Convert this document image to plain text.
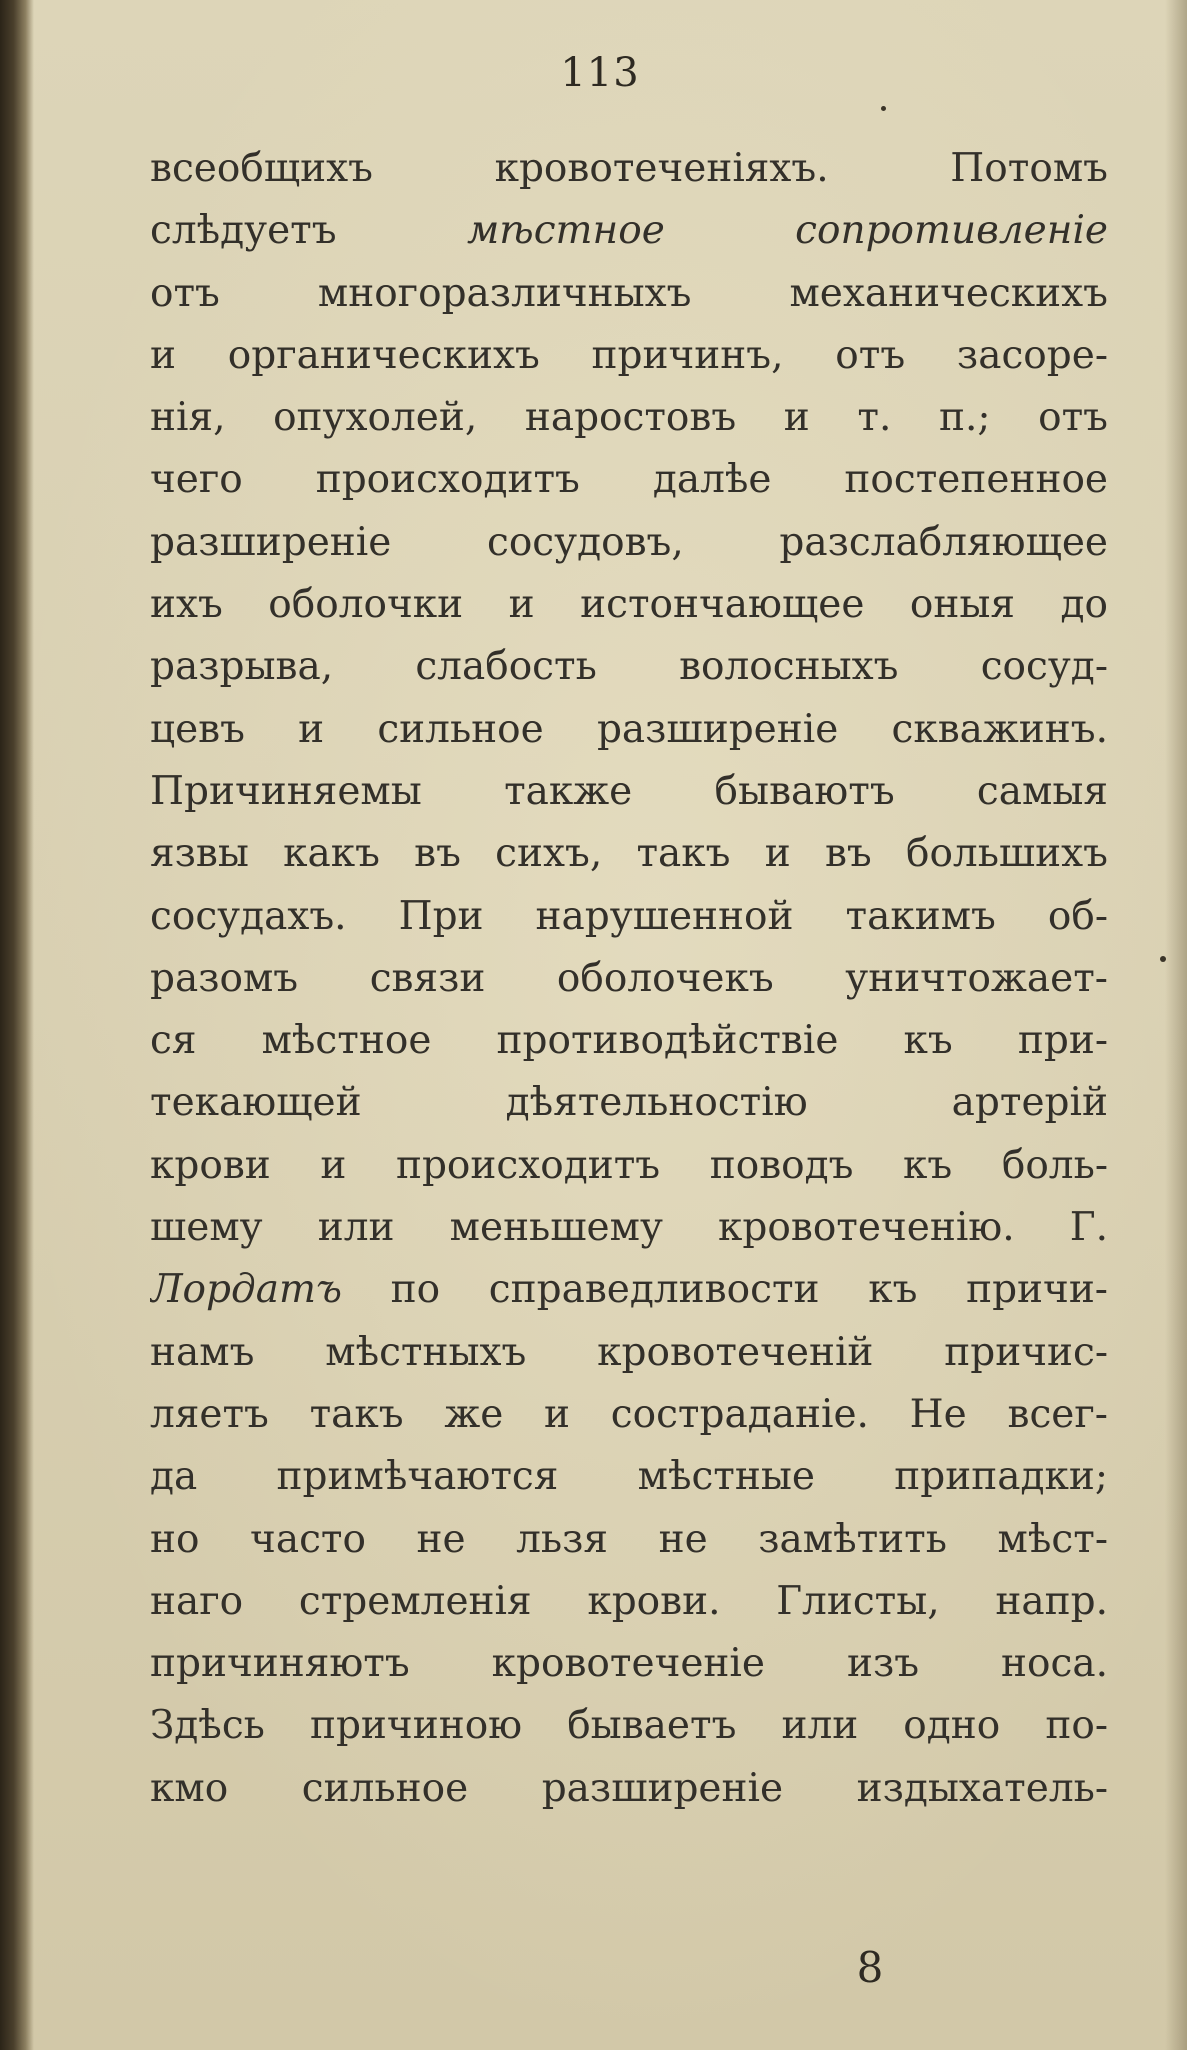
113
всеобщихъ кровотеченіяхъ. Потомъ
слѣдуетъ мѣстное сопротивленіе
отъ многоразличныхъ механическихъ
и органическихъ причинъ, отъ засоре-
нія, опухолей, наростовъ и т. п.; отъ
чего происходитъ далѣе постепенное
разширеніе сосудовъ, разслабляющее
ихъ оболочки и истончающее оныя до
разрыва, слабость волосныхъ сосуд-
цевъ и сильное разширеніе скважинъ.
Причиняемы также бываютъ самыя
язвы какъ въ сихъ, такъ и въ большихъ
сосудахъ. При нарушенной такимъ об-
разомъ связи оболочекъ уничтожает-
ся мѣстное противодѣйствіе къ при-
текающей дѣятельностію артерій
крови и происходитъ поводъ къ боль-
шему или меньшему кровотеченію. Г.
Лордатъ по справедливости къ причи-
намъ мѣстныхъ кровотеченій причис-
ляетъ такъ же и состраданіе. Не всег-
да примѣчаются мѣстные припадки;
но часто не льзя не замѣтить мѣст-
наго стремленія крови. Глисты, напр.
причиняютъ кровотеченіе изъ носа.
Здѣсь причиною бываетъ или одно по-
кмо сильное разширеніе издыхатель-
8
